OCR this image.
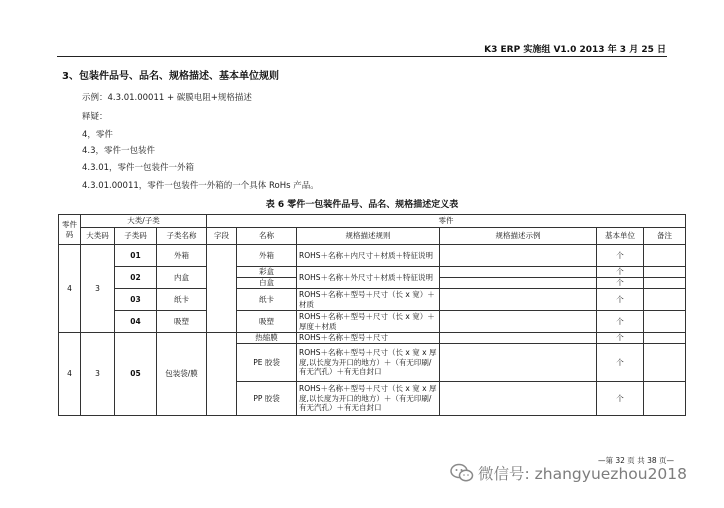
K3 ERP 实施组 V1.0 2013 年 3 月 25 日
3、包装件品号、品名、规格描述、基本单位规则
示例：4.3.01.00011 + 碳膜电阻+规格描述
释疑：
4，零件
4.3，零件一包装件
4.3.01，零件一包装件一外箱
4.3.01.00011，零件一包装件一外箱的一个具体 RoHs 产品。
表 6 零件一包装件品号、品名、规格描述定义表
零件码	大类/子类			零件					
	大类码	子类码	子类名称	字段	名称	规格描述规则	规格描述示例	基本单位	备注
4	3	01	外箱		外箱	ROHS＋名称＋内尺寸＋材质＋特征说明		个	
		02	内盒		彩盒	ROHS＋名称＋外尺寸＋材质＋特征说明		个	
					白盒			个	
		03	纸卡		纸卡	ROHS＋名称＋型号＋尺寸（长 x 宽）＋材质		个	
		04	吸塑		吸塑	ROHS＋名称＋型号＋尺寸（长 x 宽）＋厚度＋材质		个	
4	3	05	包装袋/膜		热缩膜	ROHS＋名称＋型号＋尺寸		个	
					PE 胶袋	ROHS＋名称＋型号＋尺寸（长 x 宽 x 厚度,以长度为开口的地方）＋（有无印刷/有无汽孔）＋有无自封口		个	
					PP 胶袋	ROHS＋名称＋型号＋尺寸（长 x 宽 x 厚度,以长度为开口的地方）＋（有无印刷/有无汽孔）＋有无自封口		个	
—第 32 页 共 38 页—
微信号: zhangyuezhou2018
